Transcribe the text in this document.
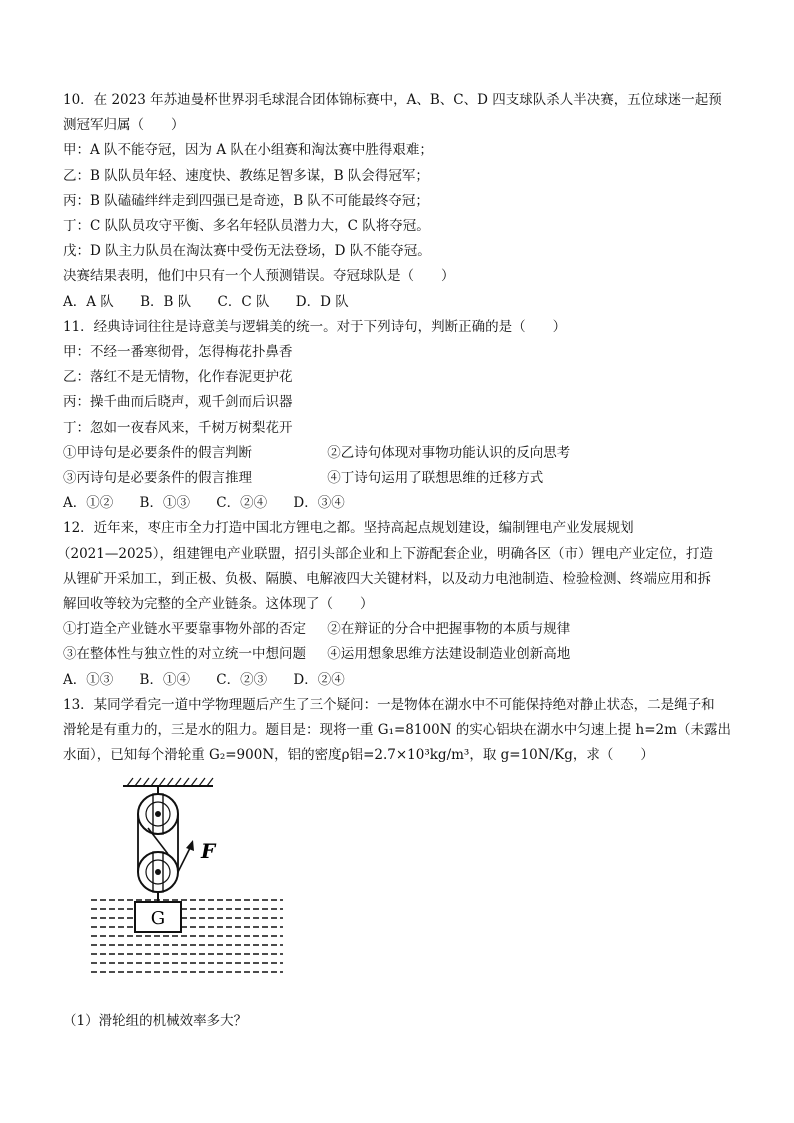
10．在 2023 年苏迪曼杯世界羽毛球混合团体锦标赛中，A、B、C、D 四支球队杀人半决赛，五位球迷一起预
测冠军归属（　　）
甲：A 队不能夺冠，因为 A 队在小组赛和淘汰赛中胜得艰难；
乙：B 队队员年轻、速度快、教练足智多谋，B 队会得冠军；
丙：B 队磕磕绊绊走到四强已是奇迹，B 队不可能最终夺冠；
丁：C 队队员攻守平衡、多名年轻队员潜力大，C 队将夺冠。
戊：D 队主力队员在淘汰赛中受伤无法登场，D 队不能夺冠。
决赛结果表明，他们中只有一个人预测错误。夺冠球队是（　　）
A．A 队 B．B 队 C．C 队 D．D 队
11．经典诗词往往是诗意美与逻辑美的统一。对于下列诗句，判断正确的是（　　）
甲：不经一番寒彻骨，怎得梅花扑鼻香
乙：落红不是无情物，化作春泥更护花
丙：操千曲而后晓声，观千剑而后识器
丁：忽如一夜春风来，千树万树梨花开
①甲诗句是必要条件的假言判断	②乙诗句体现对事物功能认识的反向思考
③丙诗句是必要条件的假言推理	④丁诗句运用了联想思维的迁移方式
A．①② B．①③ C．②④ D．③④
12．近年来，枣庄市全力打造中国北方锂电之都。坚持高起点规划建设，编制锂电产业发展规划
（2021—2025），组建锂电产业联盟，招引头部企业和上下游配套企业，明确各区（市）锂电产业定位，打造
从锂矿开采加工，到正极、负极、隔膜、电解液四大关键材料，以及动力电池制造、检验检测、终端应用和拆
解回收等较为完整的全产业链条。这体现了（　　）
①打造全产业链水平要靠事物外部的否定 ②在辩证的分合中把握事物的本质与规律
③在整体性与独立性的对立统一中想问题 ④运用想象思维方法建设制造业创新高地
A．①③ B．①④ C．②③ D．②④
13．某同学看完一道中学物理题后产生了三个疑问：一是物体在湖水中不可能保持绝对静止状态，二是绳子和
滑轮是有重力的，三是水的阻力。题目是：现将一重 G₁=8100N 的实心铝块在湖水中匀速上提 h=2m（未露出
水面），已知每个滑轮重 G₂=900N，铝的密度ρ铝=2.7×10³kg/m³，取 g=10N/Kg，求（　　）
F
G
（1）滑轮组的机械效率多大？
